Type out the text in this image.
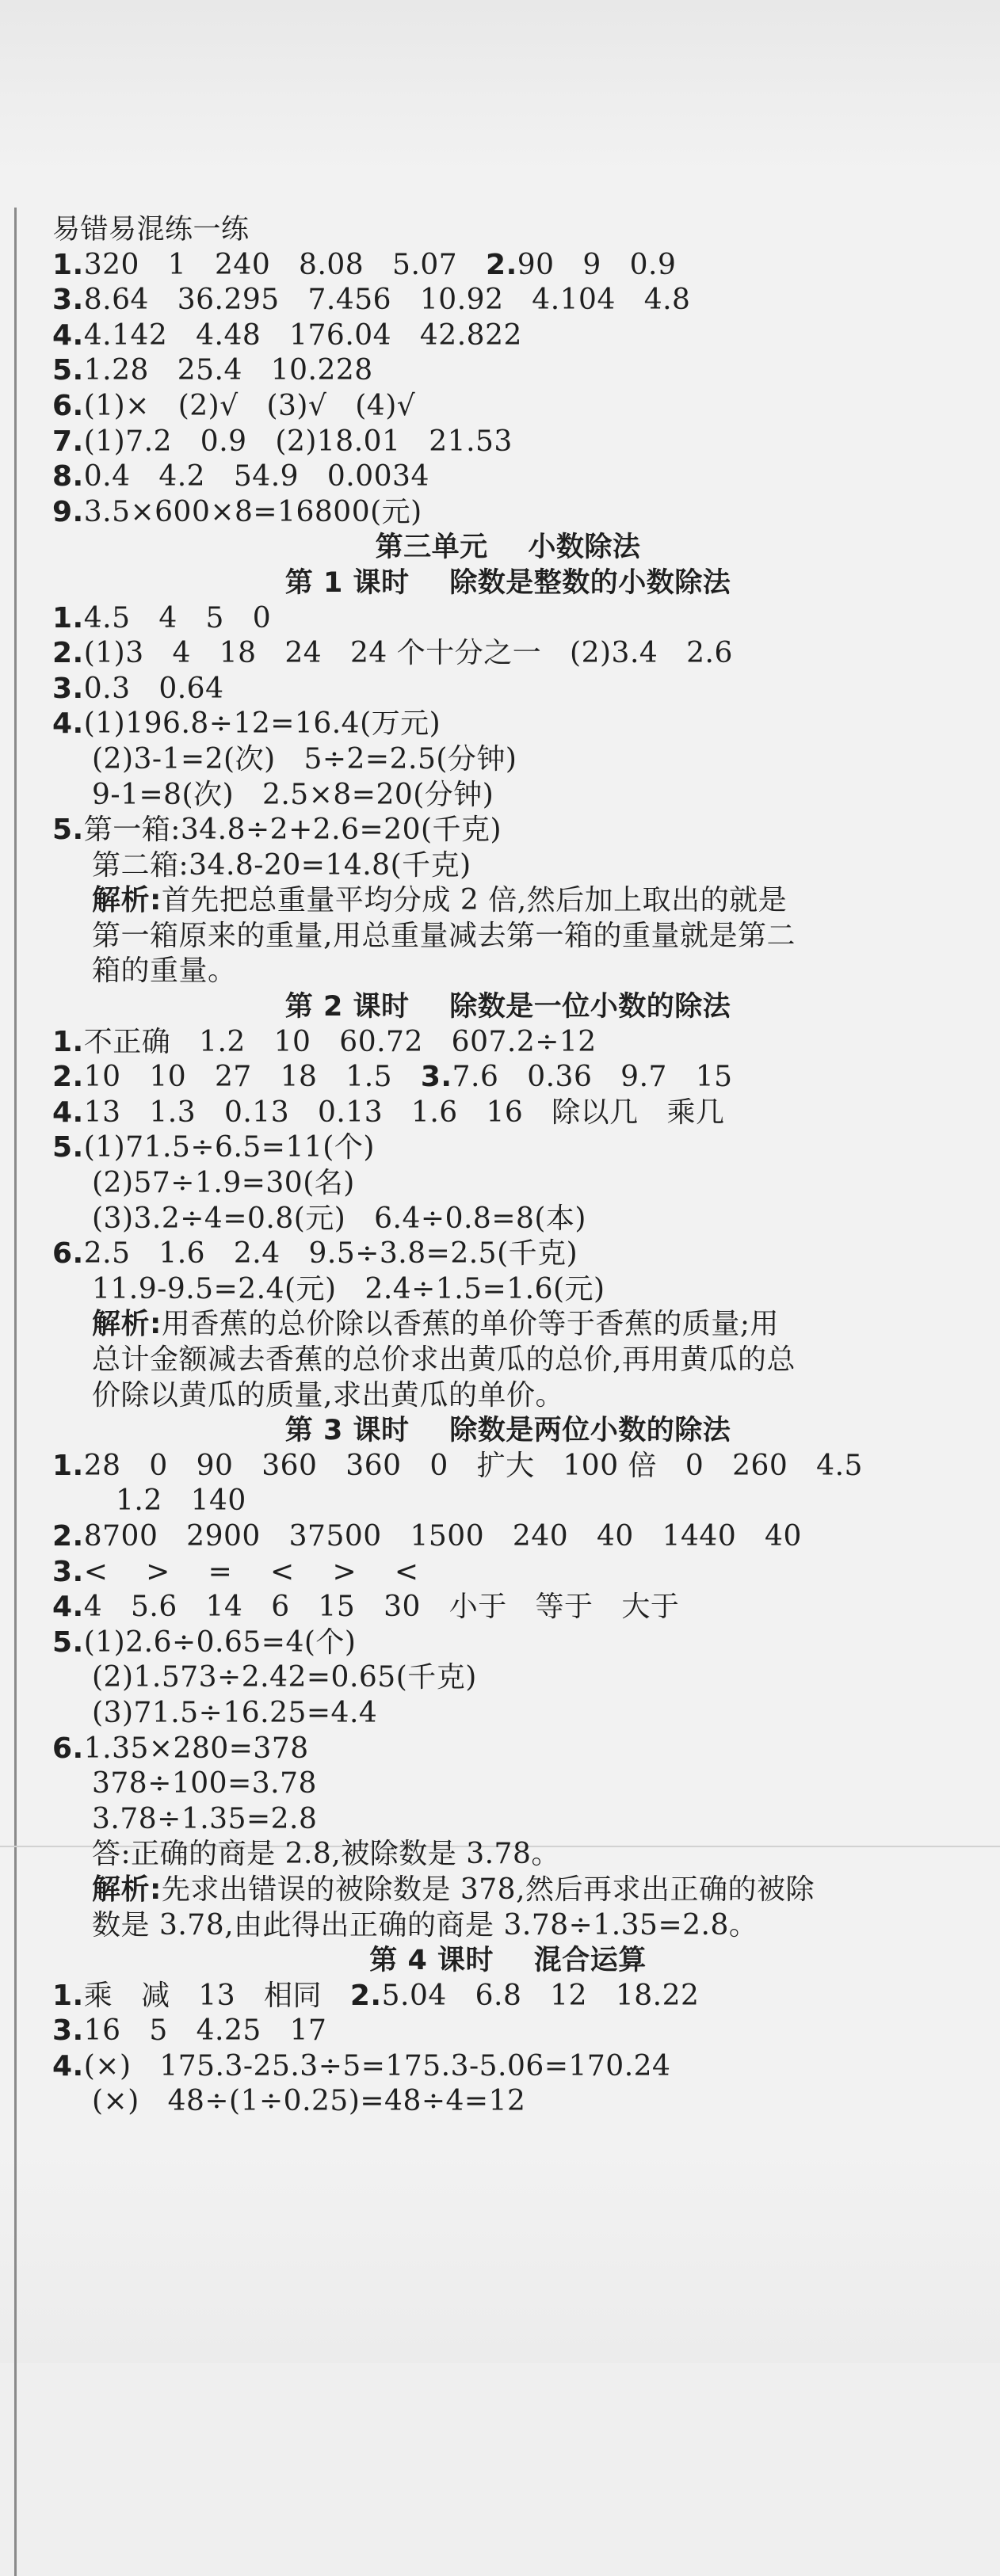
易错易混练一练
1.320   1   240   8.08   5.07   2.90   9   0.9
3.8.64   36.295   7.456   10.92   4.104   4.8
4.4.142   4.48   176.04   42.822
5.1.28   25.4   10.228
6.(1)×   (2)√   (3)√   (4)√
7.(1)7.2   0.9   (2)18.01   21.53
8.0.4   4.2   54.9   0.0034
9.3.5×600×8=16800(元)
第三单元    小数除法
第 1 课时    除数是整数的小数除法
1.4.5   4   5   0
2.(1)3   4   18   24   24 个十分之一   (2)3.4   2.6
3.0.3   0.64
4.(1)196.8÷12=16.4(万元)
(2)3-1=2(次)   5÷2=2.5(分钟)
9-1=8(次)   2.5×8=20(分钟)
5.第一箱:34.8÷2+2.6=20(千克)
第二箱:34.8-20=14.8(千克)
解析:首先把总重量平均分成 2 倍,然后加上取出的就是
第一箱原来的重量,用总重量减去第一箱的重量就是第二
箱的重量。
第 2 课时    除数是一位小数的除法
1.不正确   1.2   10   60.72   607.2÷12
2.10   10   27   18   1.5   3.7.6   0.36   9.7   15
4.13   1.3   0.13   0.13   1.6   16   除以几   乘几
5.(1)71.5÷6.5=11(个)
(2)57÷1.9=30(名)
(3)3.2÷4=0.8(元)   6.4÷0.8=8(本)
6.2.5   1.6   2.4   9.5÷3.8=2.5(千克)
11.9-9.5=2.4(元)   2.4÷1.5=1.6(元)
解析:用香蕉的总价除以香蕉的单价等于香蕉的质量;用
总计金额减去香蕉的总价求出黄瓜的总价,再用黄瓜的总
价除以黄瓜的质量,求出黄瓜的单价。
第 3 课时    除数是两位小数的除法
1.28   0   90   360   360   0   扩大   100 倍   0   260   4.5
1.2   140
2.8700   2900   37500   1500   240   40   1440   40
3.<    >    =    <    >    <
4.4   5.6   14   6   15   30   小于   等于   大于
5.(1)2.6÷0.65=4(个)
(2)1.573÷2.42=0.65(千克)
(3)71.5÷16.25=4.4
6.1.35×280=378
378÷100=3.78
3.78÷1.35=2.8
答:正确的商是 2.8,被除数是 3.78。
解析:先求出错误的被除数是 378,然后再求出正确的被除
数是 3.78,由此得出正确的商是 3.78÷1.35=2.8。
第 4 课时    混合运算
1.乘   减   13   相同   2.5.04   6.8   12   18.22
3.16   5   4.25   17
4.(×)   175.3-25.3÷5=175.3-5.06=170.24
(×)   48÷(1÷0.25)=48÷4=12
